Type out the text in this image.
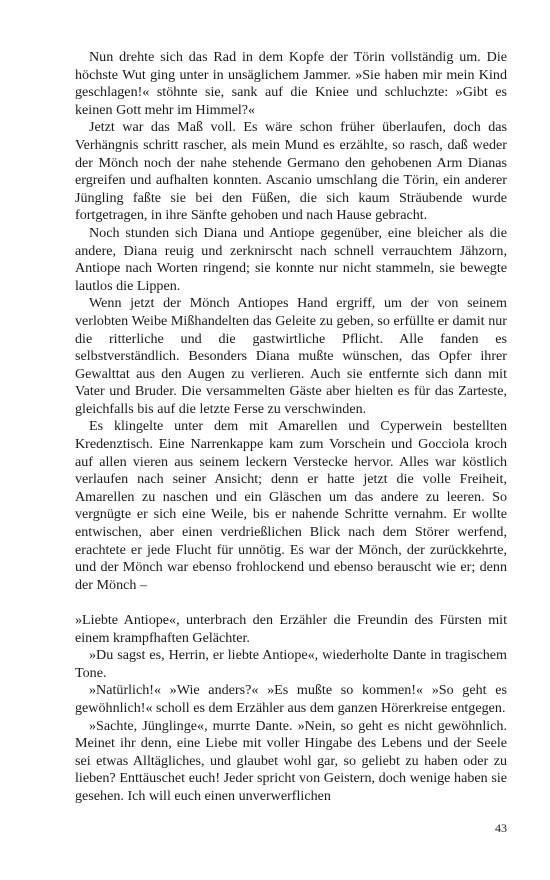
Nun drehte sich das Rad in dem Kopfe der Törin vollständig um. Die höchste Wut ging unter in unsäglichem Jammer. »Sie haben mir mein Kind geschlagen!« stöhnte sie, sank auf die Kniee und schluchzte: »Gibt es keinen Gott mehr im Himmel?«

Jetzt war das Maß voll. Es wäre schon früher überlaufen, doch das Verhängnis schritt rascher, als mein Mund es erzählte, so rasch, daß weder der Mönch noch der nahe stehende Germano den gehobenen Arm Dianas ergreifen und aufhalten konnten. Ascanio umschlang die Törin, ein anderer Jüngling faßte sie bei den Füßen, die sich kaum Sträubende wurde fortgetragen, in ihre Sänfte gehoben und nach Hause gebracht.

Noch stunden sich Diana und Antiope gegenüber, eine bleicher als die andere, Diana reuig und zerknirscht nach schnell verrauchtem Jähzorn, Antiope nach Worten ringend; sie konnte nur nicht stammeln, sie bewegte lautlos die Lippen.

Wenn jetzt der Mönch Antiopes Hand ergriff, um der von seinem verlobten Weibe Mißhandelten das Geleite zu geben, so erfüllte er damit nur die ritterliche und die gastwirtliche Pflicht. Alle fanden es selbstverständlich. Besonders Diana mußte wünschen, das Opfer ihrer Gewalttat aus den Augen zu verlieren. Auch sie entfernte sich dann mit Vater und Bruder. Die versammelten Gäste aber hielten es für das Zarteste, gleichfalls bis auf die letzte Ferse zu verschwinden.

Es klingelte unter dem mit Amarellen und Cyperwein bestellten Kredenztisch. Eine Narrenkappe kam zum Vorschein und Gocciola kroch auf allen vieren aus seinem leckern Verstecke hervor. Alles war köstlich verlaufen nach seiner Ansicht; denn er hatte jetzt die volle Freiheit, Amarellen zu naschen und ein Gläschen um das andere zu leeren. So vergnügte er sich eine Weile, bis er nahende Schritte vernahm. Er wollte entwischen, aber einen verdrießlichen Blick nach dem Störer werfend, erachtete er jede Flucht für unnötig. Es war der Mönch, der zurückkehrte, und der Mönch war ebenso frohlockend und ebenso berauscht wie er; denn der Mönch –

»Liebte Antiope«, unterbrach den Erzähler die Freundin des Fürsten mit einem krampfhaften Gelächter.

»Du sagst es, Herrin, er liebte Antiope«, wiederholte Dante in tragischem Tone.

»Natürlich!« »Wie anders?« »Es mußte so kommen!« »So geht es gewöhnlich!« scholl es dem Erzähler aus dem ganzen Hörerkreise entgegen.

»Sachte, Jünglinge«, murrte Dante. »Nein, so geht es nicht gewöhnlich. Meinet ihr denn, eine Liebe mit voller Hingabe des Lebens und der Seele sei etwas Alltägliches, und glaubet wohl gar, so geliebt zu haben oder zu lieben? Enttäuschet euch! Jeder spricht von Geistern, doch wenige haben sie gesehen. Ich will euch einen unverwerflichen

43
